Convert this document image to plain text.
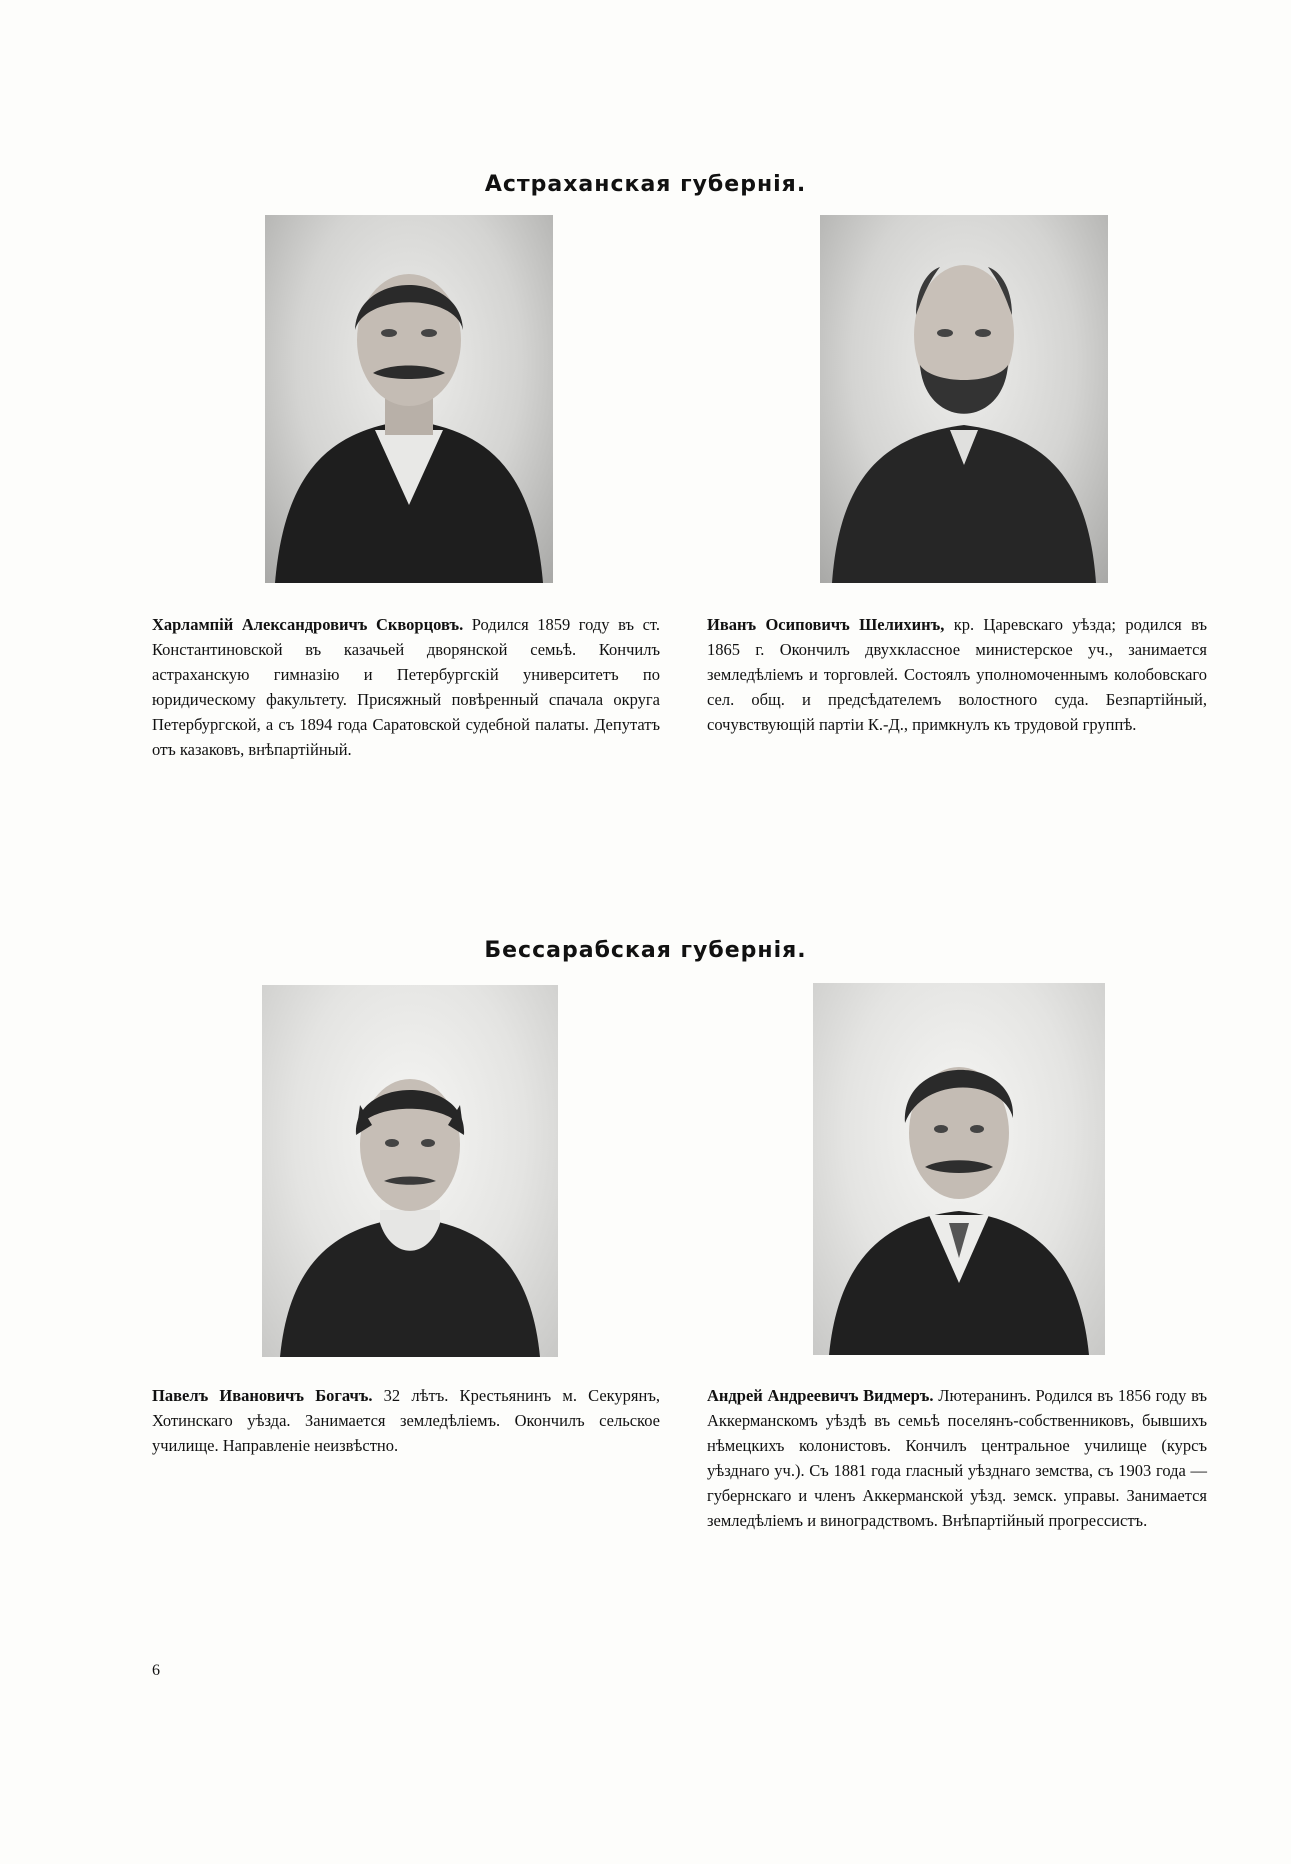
Астраханская губернія.
Харлампій Александровичъ Скворцовъ. Родился 1859 году въ ст. Константиновской въ казачьей дворянской семьѣ. Кончилъ астраханскую гимназію и Петербургскій университетъ по юридическому факультету. Присяжный повѣренный спачала округа Петербургской, а съ 1894 года Саратовской судебной палаты. Депутатъ отъ казаковъ, внѣпартійный.
Иванъ Осиповичъ Шелихинъ, кр. Царевскаго уѣзда; родился въ 1865 г. Окончилъ двухклассное министерское уч., занимается земледѣліемъ и торговлей. Состоялъ уполномоченнымъ колобовскаго сел. общ. и предсѣдателемъ волостного суда. Безпартійный, сочувствующій партіи К.-Д., примкнулъ къ трудовой группѣ.
Бессарабская губернія.
Павелъ Ивановичъ Богачъ. 32 лѣтъ. Крестьянинъ м. Секурянъ, Хотинскаго уѣзда. Занимается земледѣліемъ. Окончилъ сельское училище. Направленіе неизвѣстно.
Андрей Андреевичъ Видмеръ. Лютеранинъ. Родился въ 1856 году въ Аккерманскомъ уѣздѣ въ семьѣ поселянъ-собственниковъ, бывшихъ нѣмецкихъ колонистовъ. Кончилъ центральное училище (курсъ уѣзднаго уч.). Съ 1881 года гласный уѣзднаго земства, съ 1903 года — губернскаго и членъ Аккерманской уѣзд. земск. управы. Занимается земледѣліемъ и виноградствомъ. Внѣпартійный прогрессистъ.
6
